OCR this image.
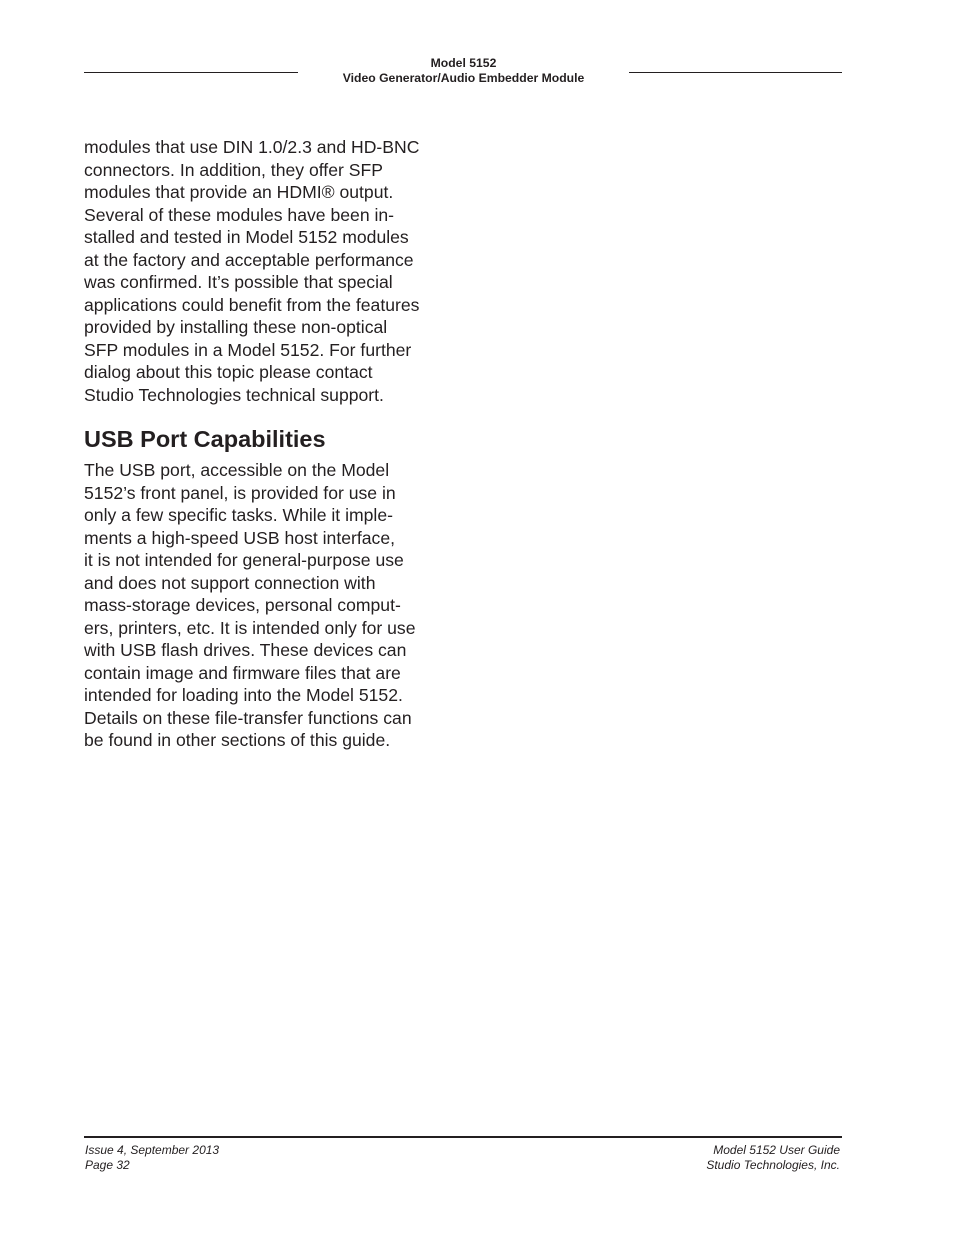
Model 5152
Video Generator/Audio Embedder Module

modules that use DIN 1.0/2.3 and HD-BNC
connectors. In addition, they offer SFP
modules that provide an HDMI® output.
Several of these modules have been in-
stalled and tested in Model 5152 modules
at the factory and acceptable performance
was confirmed. It’s possible that special
applications could benefit from the features
provided by installing these non-optical
SFP modules in a Model 5152. For further
dialog about this topic please contact
Studio Technologies technical support.

USB Port Capabilities

The USB port, accessible on the Model
5152’s front panel, is provided for use in
only a few specific tasks. While it imple-
ments a high-speed USB host interface,
it is not intended for general-purpose use
and does not support connection with
mass-storage devices, personal comput-
ers, printers, etc. It is intended only for use
with USB flash drives. These devices can
contain image and firmware files that are
intended for loading into the Model 5152.
Details on these file-transfer functions can
be found in other sections of this guide.

Issue 4, September 2013
Page 32
Model 5152 User Guide
Studio Technologies, Inc.
